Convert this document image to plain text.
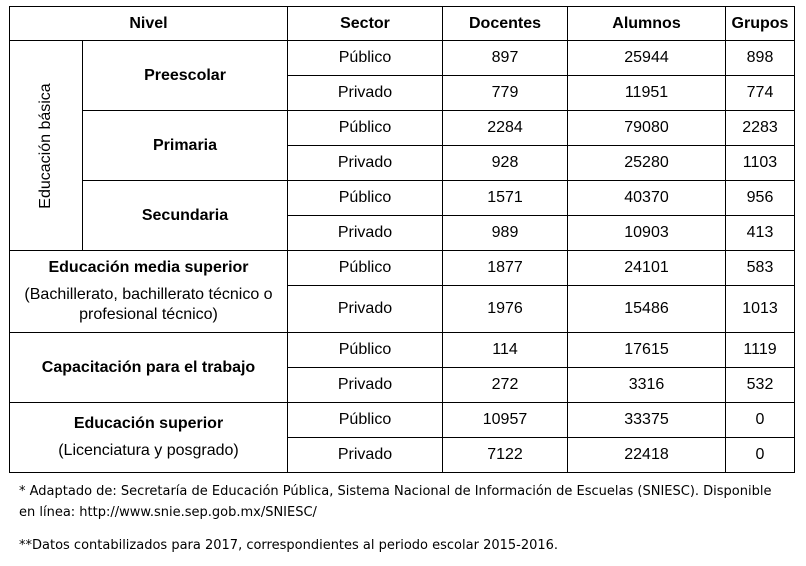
Nivel		Sector	Docentes	Alumnos	Grupos

Educación básica	Preescolar	Público	897	25944	898
		Privado	779	11951	774
	Primaria	Público	2284	79080	2283
		Privado	928	25280	1103
	Secundaria	Público	1571	40370	956
		Privado	989	10903	413
Educación media superior
(Bachillerato, bachillerato técnico o profesional técnico)		Público	1877	24101	583
		Privado	1976	15486	1013
Capacitación para el trabajo		Público	114	17615	1119
		Privado	272	3316	532
Educación superior
(Licenciatura y posgrado)		Público	10957	33375	0
		Privado	7122	22418	0
* Adaptado de: Secretaría de Educación Pública, Sistema Nacional de Información de Escuelas (SNIESC). Disponible en línea: http://www.snie.sep.gob.mx/SNIESC/
**Datos contabilizados para 2017, correspondientes al periodo escolar 2015-2016.
